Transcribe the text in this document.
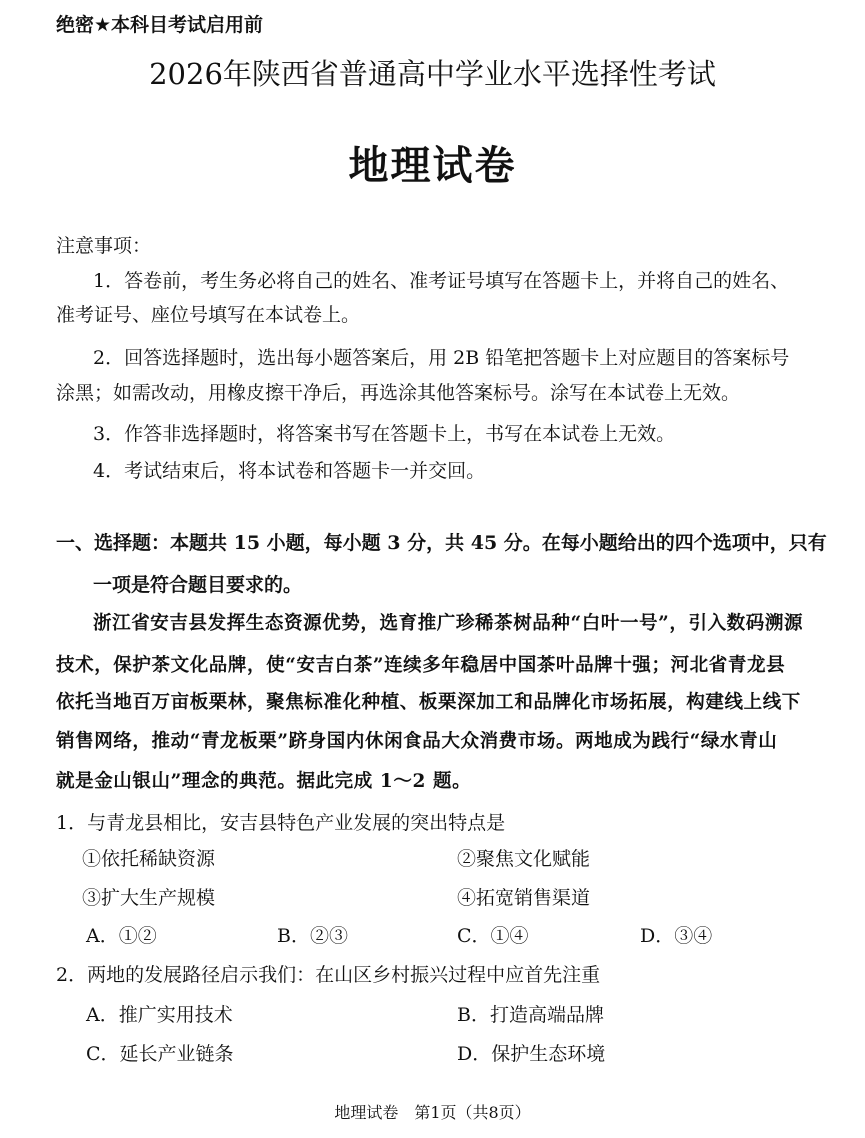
绝密★本科目考试启用前
2026年陕西省普通高中学业水平选择性考试
地理试卷
注意事项：
1．答卷前，考生务必将自己的姓名、准考证号填写在答题卡上，并将自己的姓名、
准考证号、座位号填写在本试卷上。
2．回答选择题时，选出每小题答案后，用 2B 铅笔把答题卡上对应题目的答案标号
涂黑；如需改动，用橡皮擦干净后，再选涂其他答案标号。涂写在本试卷上无效。
3．作答非选择题时，将答案书写在答题卡上，书写在本试卷上无效。
4．考试结束后，将本试卷和答题卡一并交回。
一、选择题：本题共 15 小题，每小题 3 分，共 45 分。在每小题给出的四个选项中，只有
一项是符合题目要求的。
浙江省安吉县发挥生态资源优势，选育推广珍稀茶树品种“白叶一号”，引入数码溯源
技术，保护茶文化品牌，使“安吉白茶”连续多年稳居中国茶叶品牌十强；河北省青龙县
依托当地百万亩板栗林，聚焦标准化种植、板栗深加工和品牌化市场拓展，构建线上线下
销售网络，推动“青龙板栗”跻身国内休闲食品大众消费市场。两地成为践行“绿水青山
就是金山银山”理念的典范。据此完成 1～2 题。
1．与青龙县相比，安吉县特色产业发展的突出特点是
①依托稀缺资源	②聚焦文化赋能
③扩大生产规模	④拓宽销售渠道
A．①②	B．②③	C．①④	D．③④
2．两地的发展路径启示我们：在山区乡村振兴过程中应首先注重
A．推广实用技术	B．打造高端品牌
C．延长产业链条	D．保护生态环境
地理试卷　第1页（共8页）
